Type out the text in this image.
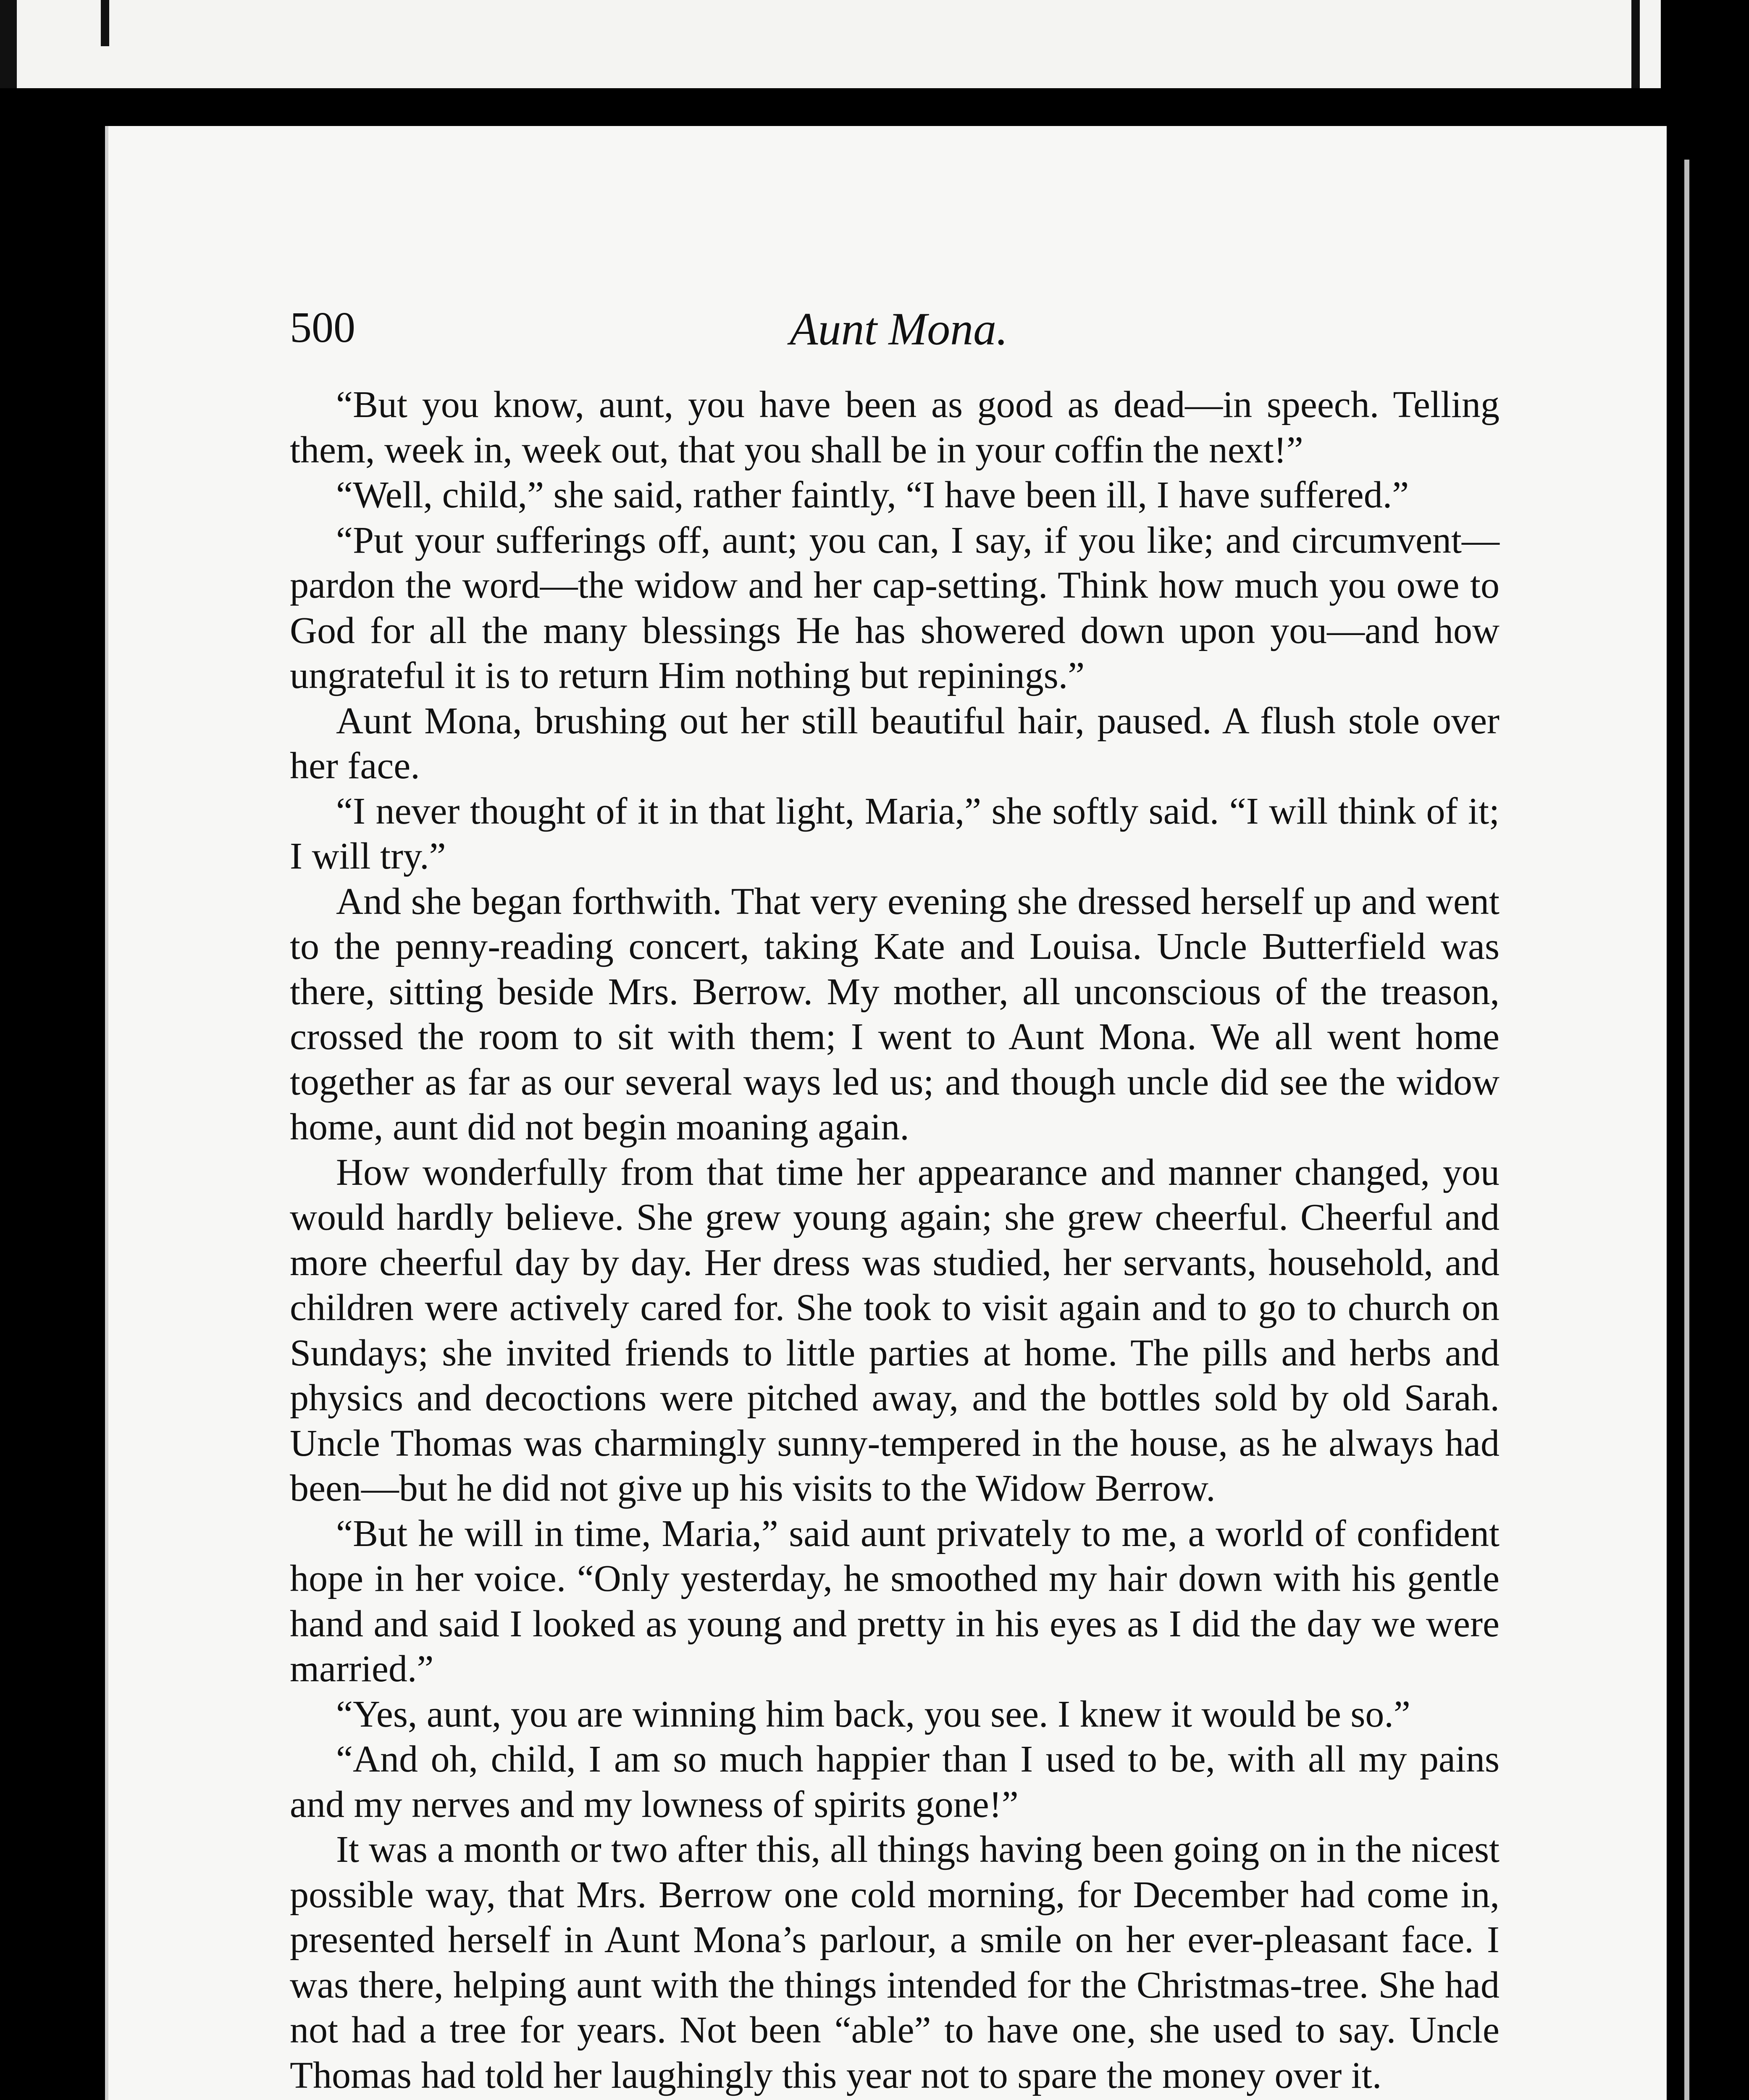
500	Aunt Mona.

“But you know, aunt, you have been as good as dead—in speech. Telling them, week in, week out, that you shall be in your coffin the next!”

“Well, child,” she said, rather faintly, “I have been ill, I have suffered.”

“Put your sufferings off, aunt; you can, I say, if you like; and circumvent—pardon the word—the widow and her cap-setting. Think how much you owe to God for all the many blessings He has showered down upon you—and how ungrateful it is to return Him nothing but repinings.”

Aunt Mona, brushing out her still beautiful hair, paused. A flush stole over her face.

“I never thought of it in that light, Maria,” she softly said. “I will think of it; I will try.”

And she began forthwith. That very evening she dressed herself up and went to the penny-reading concert, taking Kate and Louisa. Uncle Butterfield was there, sitting beside Mrs. Berrow. My mother, all unconscious of the treason, crossed the room to sit with them; I went to Aunt Mona. We all went home together as far as our several ways led us; and though uncle did see the widow home, aunt did not begin moaning again.

How wonderfully from that time her appearance and manner changed, you would hardly believe. She grew young again; she grew cheerful. Cheerful and more cheerful day by day. Her dress was studied, her servants, household, and children were actively cared for. She took to visit again and to go to church on Sundays; she invited friends to little parties at home. The pills and herbs and physics and decoctions were pitched away, and the bottles sold by old Sarah. Uncle Thomas was charmingly sunny-tempered in the house, as he always had been—but he did not give up his visits to the Widow Berrow.

“But he will in time, Maria,” said aunt privately to me, a world of confident hope in her voice. “Only yesterday, he smoothed my hair down with his gentle hand and said I looked as young and pretty in his eyes as I did the day we were married.”

“Yes, aunt, you are winning him back, you see. I knew it would be so.”

“And oh, child, I am so much happier than I used to be, with all my pains and my nerves and my lowness of spirits gone!”

It was a month or two after this, all things having been going on in the nicest possible way, that Mrs. Berrow one cold morning, for December had come in, presented herself in Aunt Mona’s parlour, a smile on her ever-pleasant face. I was there, helping aunt with the things intended for the Christmas-tree. She had not had a tree for years. Not been “able” to have one, she used to say. Uncle Thomas had told her laughingly this year not to spare the money over it.
